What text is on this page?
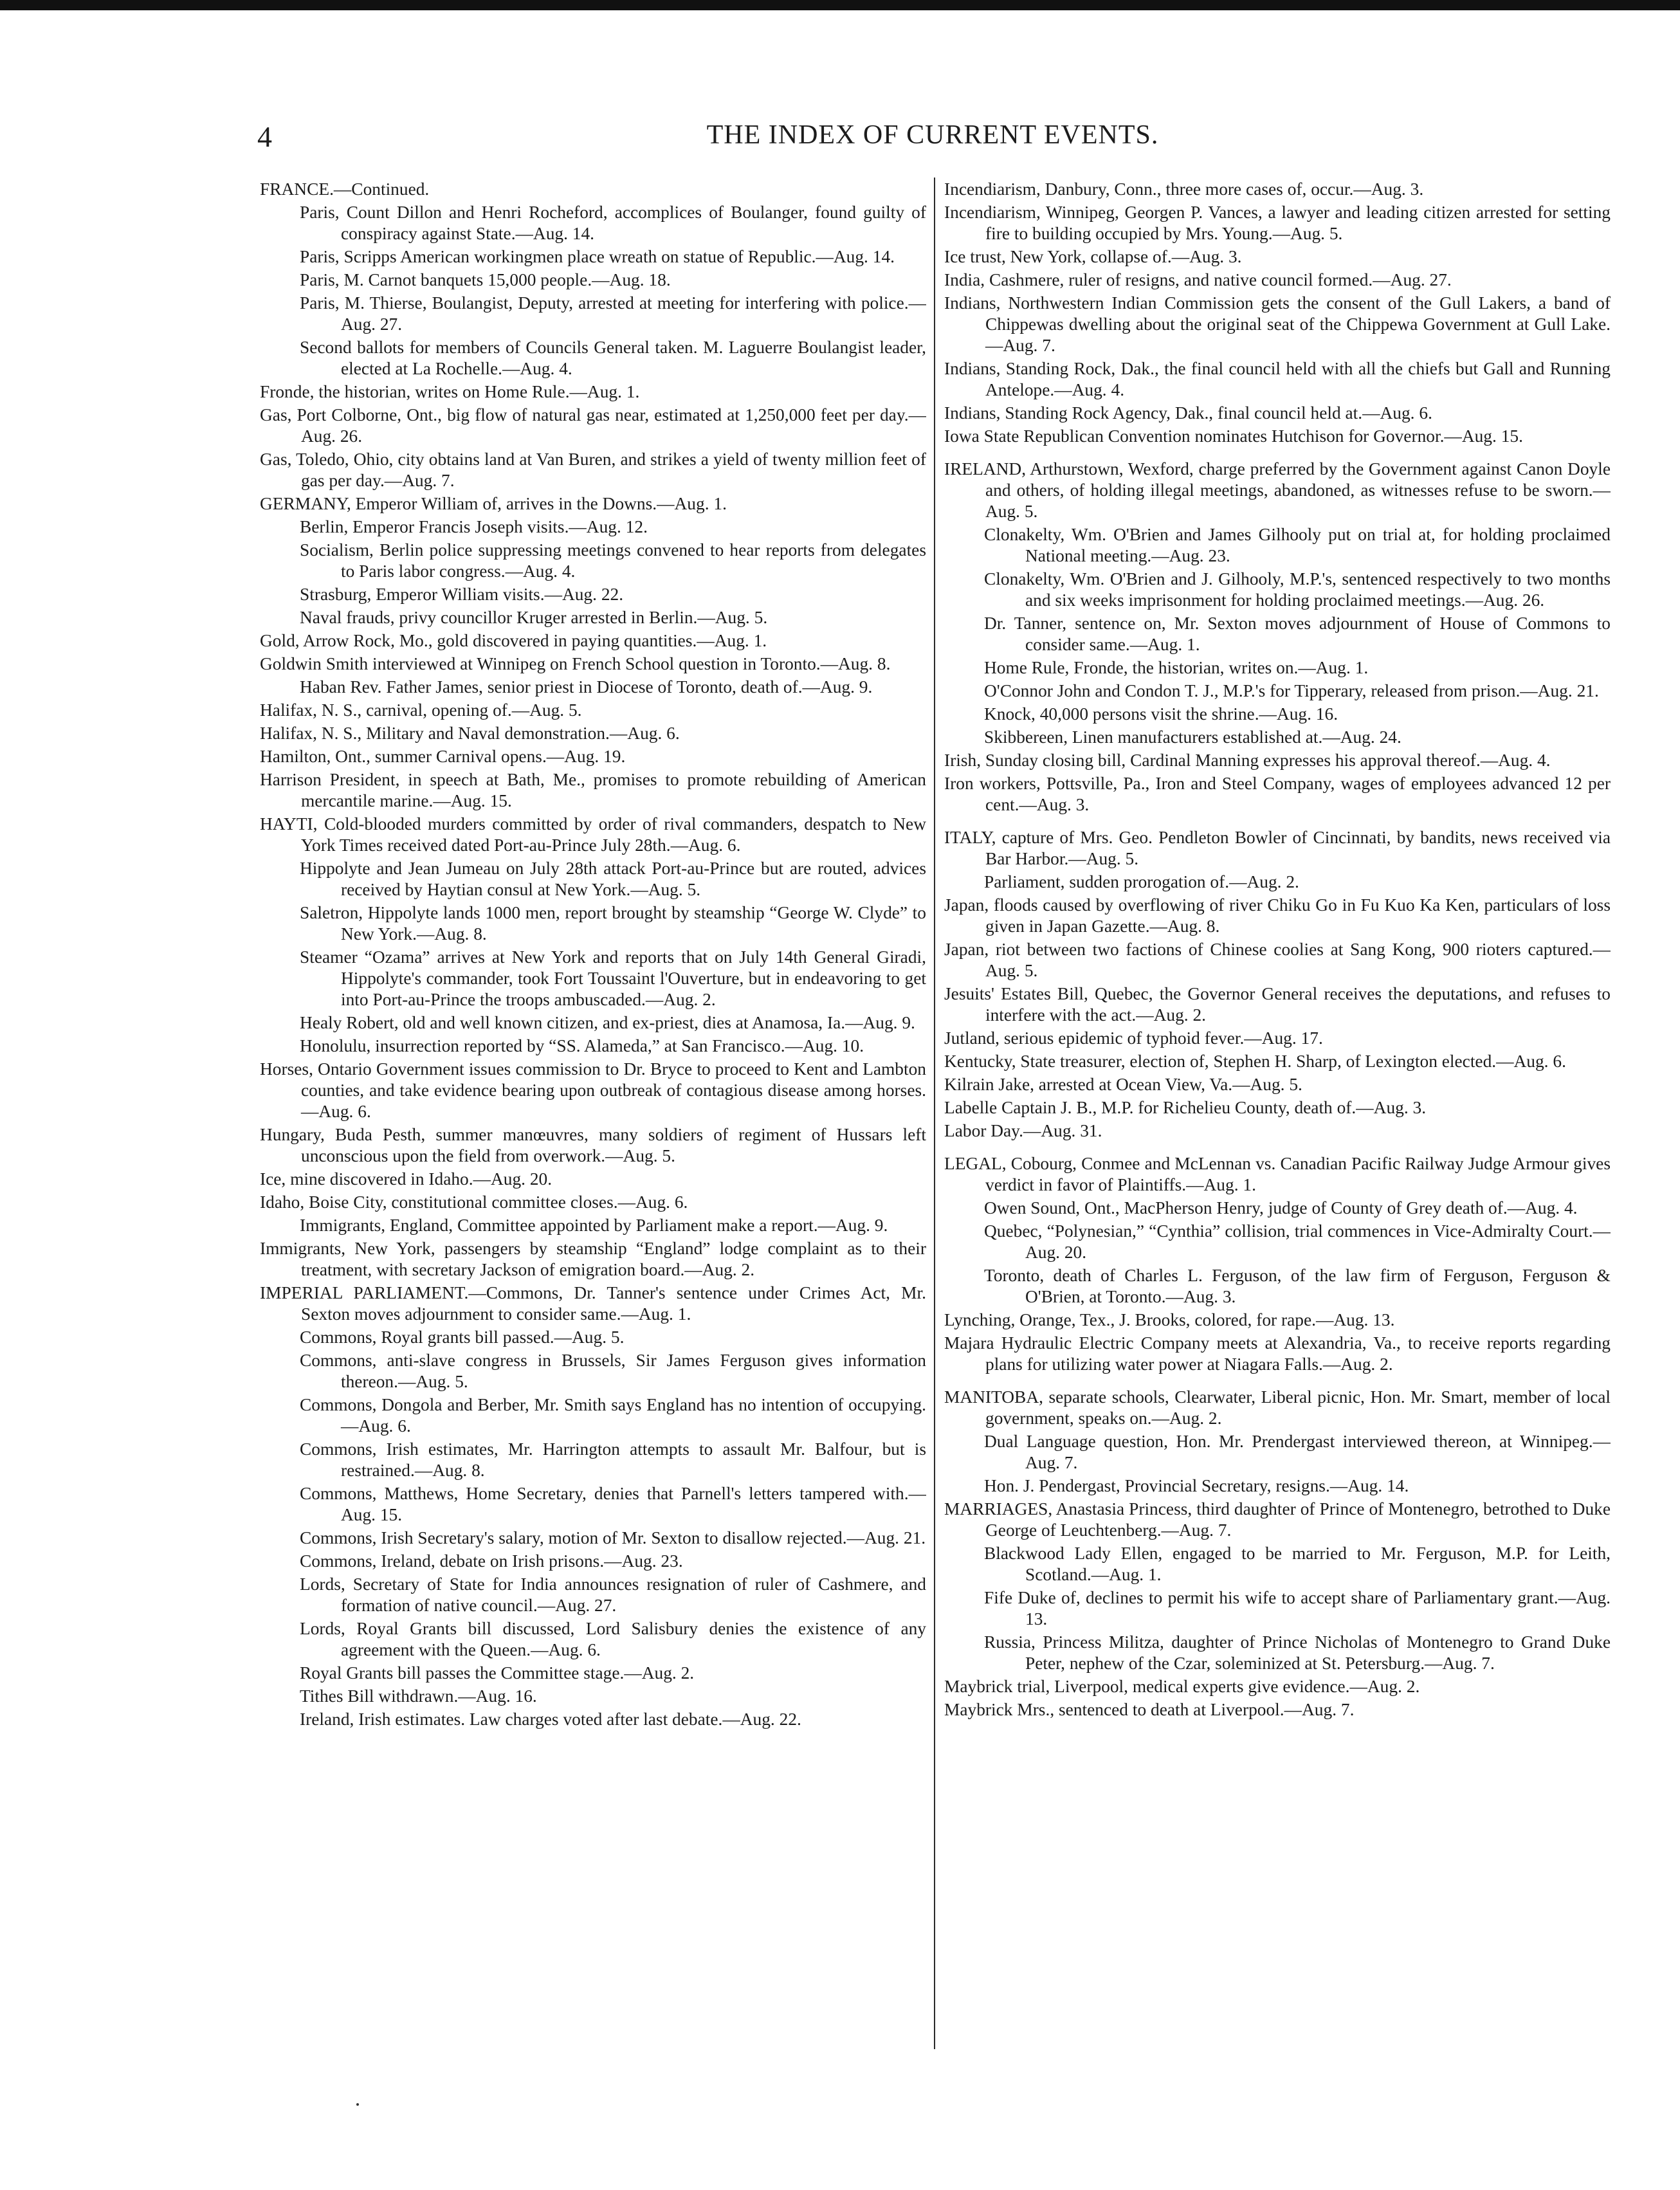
4	THE INDEX OF CURRENT EVENTS.

FRANCE.—Continued.

Paris, Count Dillon and Henri Rocheford, accomplices of Boulanger, found guilty of conspiracy against State.—Aug. 14.

Paris, Scripps American workingmen place wreath on statue of Republic.—Aug. 14.

Paris, M. Carnot banquets 15,000 people.—Aug. 18.

Paris, M. Thierse, Boulangist, Deputy, arrested at meeting for interfering with police.—Aug. 27.

Second ballots for members of Councils General taken. M. Laguerre Boulangist leader, elected at La Rochelle.—Aug. 4.

Fronde, the historian, writes on Home Rule.—Aug. 1.

Gas, Port Colborne, Ont., big flow of natural gas near, estimated at 1,250,000 feet per day.—Aug. 26.

Gas, Toledo, Ohio, city obtains land at Van Buren, and strikes a yield of twenty million feet of gas per day.—Aug. 7.

GERMANY, Emperor William of, arrives in the Downs.—Aug. 1.

Berlin, Emperor Francis Joseph visits.—Aug. 12.

Socialism, Berlin police suppressing meetings convened to hear reports from delegates to Paris labor congress.—Aug. 4.

Strasburg, Emperor William visits.—Aug. 22.

Naval frauds, privy councillor Kruger arrested in Berlin.—Aug. 5.

Gold, Arrow Rock, Mo., gold discovered in paying quantities.—Aug. 1.

Goldwin Smith interviewed at Winnipeg on French School question in Toronto.—Aug. 8.

Haban Rev. Father James, senior priest in Diocese of Toronto, death of.—Aug. 9.

Halifax, N. S., carnival, opening of.—Aug. 5.

Halifax, N. S., Military and Naval demonstration.—Aug. 6.

Hamilton, Ont., summer Carnival opens.—Aug. 19.

Harrison President, in speech at Bath, Me., promises to promote rebuilding of American mercantile marine.—Aug. 15.

HAYTI, Cold-blooded murders committed by order of rival commanders, despatch to New York Times received dated Port-au-Prince July 28th.—Aug. 6.

Hippolyte and Jean Jumeau on July 28th attack Port-au-Prince but are routed, advices received by Haytian consul at New York.—Aug. 5.

Saletron, Hippolyte lands 1000 men, report brought by steamship “George W. Clyde” to New York.—Aug. 8.

Steamer “Ozama” arrives at New York and reports that on July 14th General Giradi, Hippolyte's commander, took Fort Toussaint l'Ouverture, but in endeavoring to get into Port-au-Prince the troops ambuscaded.—Aug. 2.

Healy Robert, old and well known citizen, and ex-priest, dies at Anamosa, Ia.—Aug. 9.

Honolulu, insurrection reported by “SS. Alameda,” at San Francisco.—Aug. 10.

Horses, Ontario Government issues commission to Dr. Bryce to proceed to Kent and Lambton counties, and take evidence bearing upon outbreak of contagious disease among horses.—Aug. 6.

Hungary, Buda Pesth, summer manœuvres, many soldiers of regiment of Hussars left unconscious upon the field from overwork.—Aug. 5.

Ice, mine discovered in Idaho.—Aug. 20.

Idaho, Boise City, constitutional committee closes.—Aug. 6.

Immigrants, England, Committee appointed by Parliament make a report.—Aug. 9.

Immigrants, New York, passengers by steamship “England” lodge complaint as to their treatment, with secretary Jackson of emigration board.—Aug. 2.

IMPERIAL PARLIAMENT.—Commons, Dr. Tanner's sentence under Crimes Act, Mr. Sexton moves adjournment to consider same.—Aug. 1.

Commons, Royal grants bill passed.—Aug. 5.

Commons, anti-slave congress in Brussels, Sir James Ferguson gives information thereon.—Aug. 5.

Commons, Dongola and Berber, Mr. Smith says England has no intention of occupying.—Aug. 6.

Commons, Irish estimates, Mr. Harrington attempts to assault Mr. Balfour, but is restrained.—Aug. 8.

Commons, Matthews, Home Secretary, denies that Parnell's letters tampered with.—Aug. 15.

Commons, Irish Secretary's salary, motion of Mr. Sexton to disallow rejected.—Aug. 21.

Commons, Ireland, debate on Irish prisons.—Aug. 23.

Lords, Secretary of State for India announces resignation of ruler of Cashmere, and formation of native council.—Aug. 27.

Lords, Royal Grants bill discussed, Lord Salisbury denies the existence of any agreement with the Queen.—Aug. 6.

Royal Grants bill passes the Committee stage.—Aug. 2.

Tithes Bill withdrawn.—Aug. 16.

Ireland, Irish estimates. Law charges voted after last debate.—Aug. 22.

Incendiarism, Danbury, Conn., three more cases of, occur.—Aug. 3.

Incendiarism, Winnipeg, Georgen P. Vances, a lawyer and leading citizen arrested for setting fire to building occupied by Mrs. Young.—Aug. 5.

Ice trust, New York, collapse of.—Aug. 3.

India, Cashmere, ruler of resigns, and native council formed.—Aug. 27.

Indians, Northwestern Indian Commission gets the consent of the Gull Lakers, a band of Chippewas dwelling about the original seat of the Chippewa Government at Gull Lake.—Aug. 7.

Indians, Standing Rock, Dak., the final council held with all the chiefs but Gall and Running Antelope.—Aug. 4.

Indians, Standing Rock Agency, Dak., final council held at.—Aug. 6.

Iowa State Republican Convention nominates Hutchison for Governor.—Aug. 15.

IRELAND, Arthurstown, Wexford, charge preferred by the Government against Canon Doyle and others, of holding illegal meetings, abandoned, as witnesses refuse to be sworn.—Aug. 5.

Clonakelty, Wm. O'Brien and James Gilhooly put on trial at, for holding proclaimed National meeting.—Aug. 23.

Clonakelty, Wm. O'Brien and J. Gilhooly, M.P.'s, sentenced respectively to two months and six weeks imprisonment for holding proclaimed meetings.—Aug. 26.

Dr. Tanner, sentence on, Mr. Sexton moves adjournment of House of Commons to consider same.—Aug. 1.

Home Rule, Fronde, the historian, writes on.—Aug. 1.

O'Connor John and Condon T. J., M.P.'s for Tipperary, released from prison.—Aug. 21.

Knock, 40,000 persons visit the shrine.—Aug. 16.

Skibbereen, Linen manufacturers established at.—Aug. 24.

Irish, Sunday closing bill, Cardinal Manning expresses his approval thereof.—Aug. 4.

Iron workers, Pottsville, Pa., Iron and Steel Company, wages of employees advanced 12 per cent.—Aug. 3.

ITALY, capture of Mrs. Geo. Pendleton Bowler of Cincinnati, by bandits, news received via Bar Harbor.—Aug. 5.

Parliament, sudden prorogation of.—Aug. 2.

Japan, floods caused by overflowing of river Chiku Go in Fu Kuo Ka Ken, particulars of loss given in Japan Gazette.—Aug. 8.

Japan, riot between two factions of Chinese coolies at Sang Kong, 900 rioters captured.—Aug. 5.

Jesuits' Estates Bill, Quebec, the Governor General receives the deputations, and refuses to interfere with the act.—Aug. 2.

Jutland, serious epidemic of typhoid fever.—Aug. 17.

Kentucky, State treasurer, election of, Stephen H. Sharp, of Lexington elected.—Aug. 6.

Kilrain Jake, arrested at Ocean View, Va.—Aug. 5.

Labelle Captain J. B., M.P. for Richelieu County, death of.—Aug. 3.

Labor Day.—Aug. 31.

LEGAL, Cobourg, Conmee and McLennan vs. Canadian Pacific Railway Judge Armour gives verdict in favor of Plaintiffs.—Aug. 1.

Owen Sound, Ont., MacPherson Henry, judge of County of Grey death of.—Aug. 4.

Quebec, “Polynesian,” “Cynthia” collision, trial commences in Vice-Admiralty Court.—Aug. 20.

Toronto, death of Charles L. Ferguson, of the law firm of Ferguson, Ferguson & O'Brien, at Toronto.—Aug. 3.

Lynching, Orange, Tex., J. Brooks, colored, for rape.—Aug. 13.

Majara Hydraulic Electric Company meets at Alexandria, Va., to receive reports regarding plans for utilizing water power at Niagara Falls.—Aug. 2.

MANITOBA, separate schools, Clearwater, Liberal picnic, Hon. Mr. Smart, member of local government, speaks on.—Aug. 2.

Dual Language question, Hon. Mr. Prendergast interviewed thereon, at Winnipeg.—Aug. 7.

Hon. J. Pendergast, Provincial Secretary, resigns.—Aug. 14.

MARRIAGES, Anastasia Princess, third daughter of Prince of Montenegro, betrothed to Duke George of Leuchtenberg.—Aug. 7.

Blackwood Lady Ellen, engaged to be married to Mr. Ferguson, M.P. for Leith, Scotland.—Aug. 1.

Fife Duke of, declines to permit his wife to accept share of Parliamentary grant.—Aug. 13.

Russia, Princess Militza, daughter of Prince Nicholas of Montenegro to Grand Duke Peter, nephew of the Czar, soleminized at St. Petersburg.—Aug. 7.

Maybrick trial, Liverpool, medical experts give evidence.—Aug. 2.

Maybrick Mrs., sentenced to death at Liverpool.—Aug. 7.
